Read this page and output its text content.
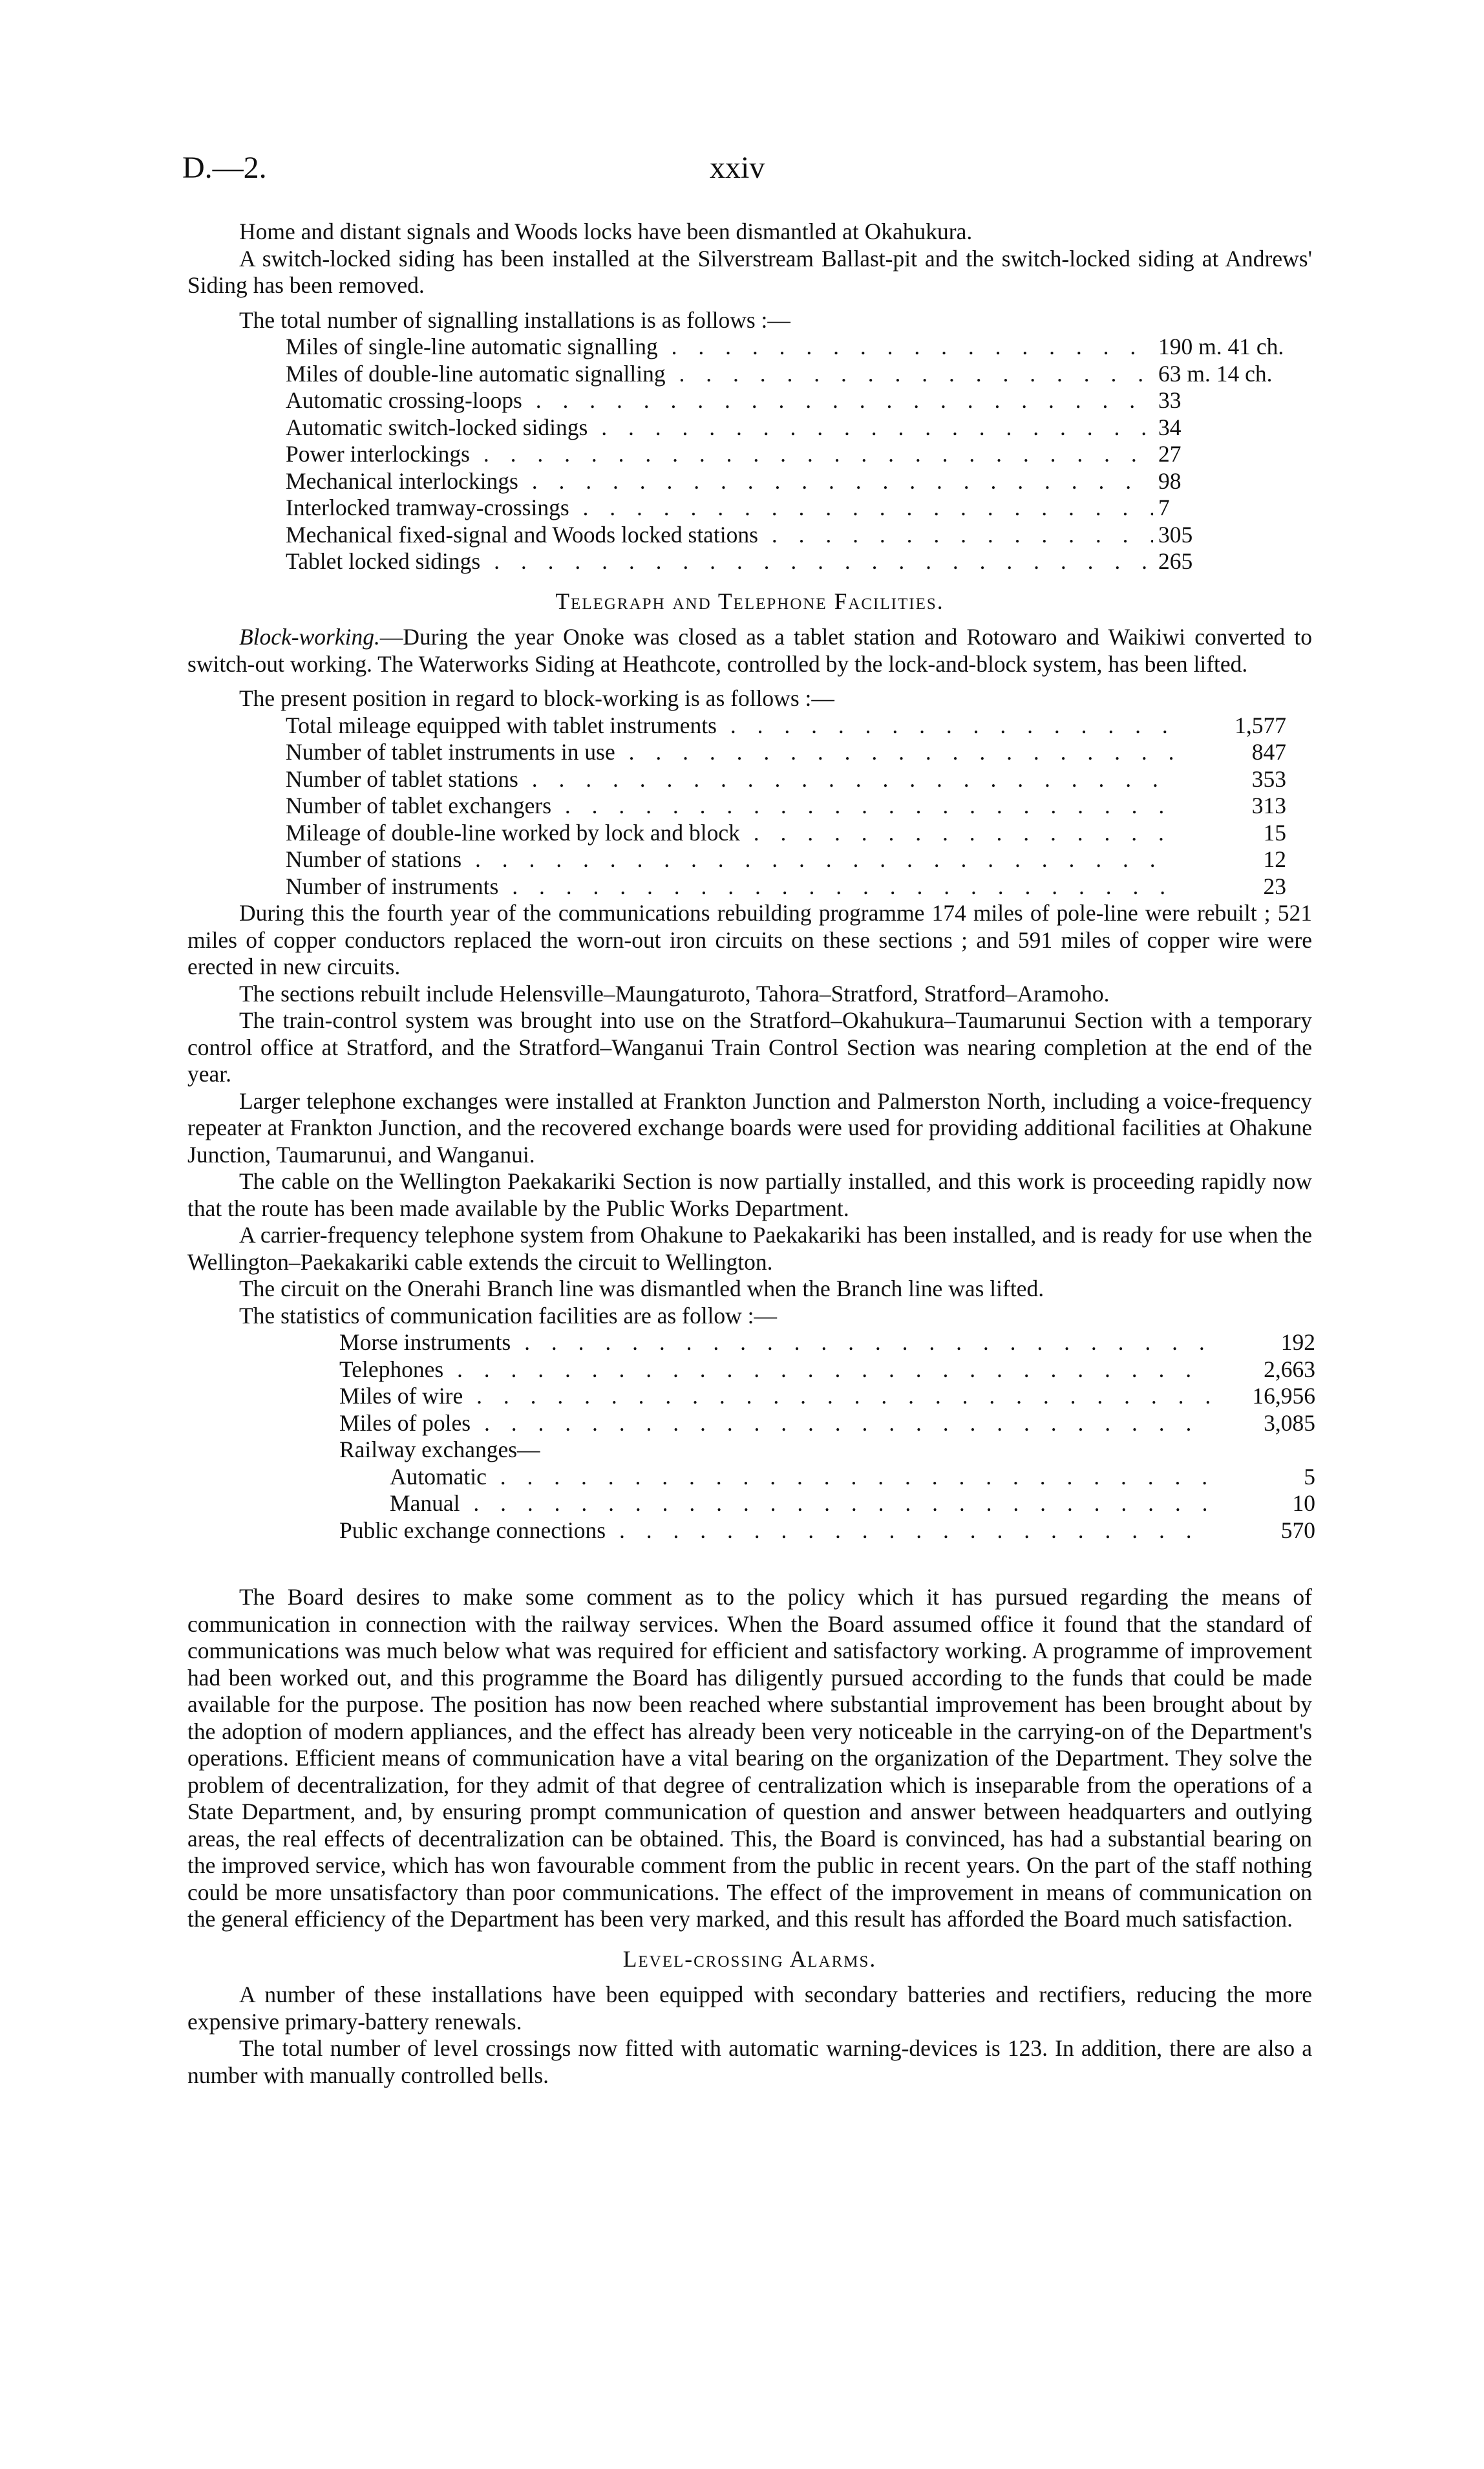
D.—2.	xxiv

Home and distant signals and Woods locks have been dismantled at Okahukura.

A switch-locked siding has been installed at the Silverstream Ballast-pit and the switch-locked siding at Andrews' Siding has been removed.

The total number of signalling installations is as follows :—

Miles of single-line automatic signalling . . .	190 m. 41 ch.
Miles of double-line automatic signalling . . .	63 m. 14 ch.
Automatic crossing-loops . . .	33
Automatic switch-locked sidings . . .	34
Power interlockings . . .	27
Mechanical interlockings . . .	98
Interlocked tramway-crossings . . .	7
Mechanical fixed-signal and Woods locked stations . . .	305
Tablet locked sidings . . .	265
Telegraph and Telephone Facilities.

Block-working.—During the year Onoke was closed as a tablet station and Rotowaro and Waikiwi converted to switch-out working. The Waterworks Siding at Heathcote, controlled by the lock-and-block system, has been lifted.

The present position in regard to block-working is as follows :—

Total mileage equipped with tablet instruments . . .	1,577
Number of tablet instruments in use . . .	847
Number of tablet stations . . .	353
Number of tablet exchangers . . .	313
Mileage of double-line worked by lock and block . . .	15
Number of stations . . .	12
Number of instruments . . .	23

During this the fourth year of the communications rebuilding programme 174 miles of pole-line were rebuilt ; 521 miles of copper conductors replaced the worn-out iron circuits on these sections ; and 591 miles of copper wire were erected in new circuits.

The sections rebuilt include Helensville–Maungaturoto, Tahora–Stratford, Stratford–Aramoho.

The train-control system was brought into use on the Stratford–Okahukura–Taumarunui Section with a temporary control office at Stratford, and the Stratford–Wanganui Train Control Section was nearing completion at the end of the year.

Larger telephone exchanges were installed at Frankton Junction and Palmerston North, including a voice-frequency repeater at Frankton Junction, and the recovered exchange boards were used for providing additional facilities at Ohakune Junction, Taumarunui, and Wanganui.

The cable on the Wellington Paekakariki Section is now partially installed, and this work is proceeding rapidly now that the route has been made available by the Public Works Department.

A carrier-frequency telephone system from Ohakune to Paekakariki has been installed, and is ready for use when the Wellington–Paekakariki cable extends the circuit to Wellington.

The circuit on the Onerahi Branch line was dismantled when the Branch line was lifted.

The statistics of communication facilities are as follow :—

Morse instruments . . .	192
Telephones . . .	2,663
Miles of wire . . .	16,956
Miles of poles . . .	3,085
Railway exchanges—
Automatic . . .	5
Manual . . .	10
Public exchange connections . . .	570

The Board desires to make some comment as to the policy which it has pursued regarding the means of communication in connection with the railway services. When the Board assumed office it found that the standard of communications was much below what was required for efficient and satisfactory working. A programme of improvement had been worked out, and this programme the Board has diligently pursued according to the funds that could be made available for the purpose. The position has now been reached where substantial improvement has been brought about by the adoption of modern appliances, and the effect has already been very noticeable in the carrying-on of the Department's operations. Efficient means of communication have a vital bearing on the organization of the Department. They solve the problem of decentralization, for they admit of that degree of centralization which is inseparable from the operations of a State Department, and, by ensuring prompt communication of question and answer between headquarters and outlying areas, the real effects of decentralization can be obtained. This, the Board is convinced, has had a substantial bearing on the improved service, which has won favourable comment from the public in recent years. On the part of the staff nothing could be more unsatisfactory than poor communications. The effect of the improvement in means of communication on the general efficiency of the Department has been very marked, and this result has afforded the Board much satisfaction.

Level-crossing Alarms.

A number of these installations have been equipped with secondary batteries and rectifiers, reducing the more expensive primary-battery renewals.

The total number of level crossings now fitted with automatic warning-devices is 123. In addition, there are also a number with manually controlled bells.
